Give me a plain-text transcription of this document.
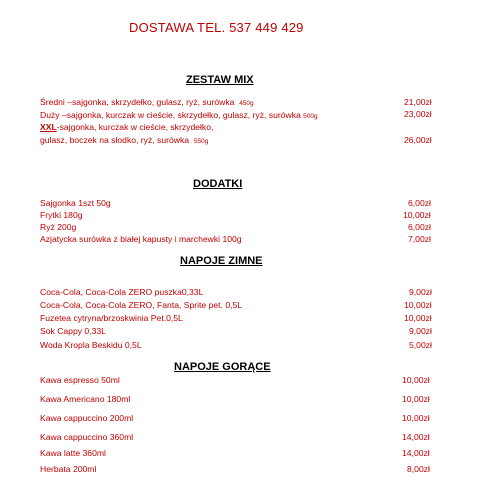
DOSTAWA TEL. 537 449 429
ZESTAW MIX
Średni –sajgonka, skrzydełko, gulasz, ryż, surówka 450g	21,00zł
Duży –sajgonka, kurczak w cieście, skrzydełko, gulasz, ryż, surówka 500g	23,00zł
XXL-sajgonka, kurczak w cieście, skrzydełko,
gulasz, boczek na słodko, ryż, surówka 550g	26,00zł
DODATKI
Sajgonka 1szt 50g	6,00zł
Frytki 180g	10,00zł
Ryż 200g	6,00zł
Azjatycka surówka z białej kapusty i marchewki 100g	7,00zł
NAPOJE ZIMNE
Coca-Cola, Coca-Cola ZERO puszka0,33L	9,00zł
Coca-Cola, Coca-Cola ZERO, Fanta, Sprite pet. 0,5L	10,00zł
Fuzetea cytryna/brzoskwinia Pet.0,5L	10,00zł
Sok Cappy 0,33L	9,00zł
Woda Kropla Beskidu 0,5L	5,00zł
NAPOJE GORĄCE
Kawa espresso 50ml	10,00zł
Kawa Americano 180ml	10,00zł
Kawa cappuccino 200ml	10,00zł
Kawa cappuccino 360ml	14,00zł
Kawa latte 360ml	14,00zł
Herbata 200ml	8,00zł
